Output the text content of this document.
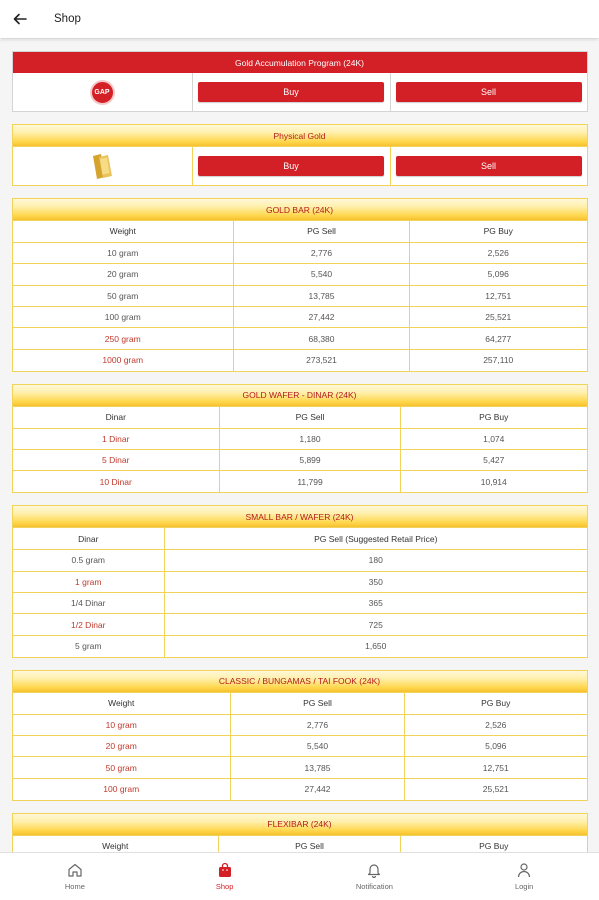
Shop
Gold Accumulation Program (24K)
GAP	Buy	Sell
Physical Gold
Buy	Sell
GOLD BAR (24K)
Weight	PG Sell	PG Buy
10 gram	2,776	2,526
20 gram	5,540	5,096
50 gram	13,785	12,751
100 gram	27,442	25,521
250 gram	68,380	64,277
1000 gram	273,521	257,110
GOLD WAFER - DINAR (24K)
Dinar	PG Sell	PG Buy
1 Dinar	1,180	1,074
5 Dinar	5,899	5,427
10 Dinar	11,799	10,914
SMALL BAR / WAFER (24K)
Dinar	PG Sell (Suggested Retail Price)
0.5 gram	180
1 gram	350
1/4 Dinar	365
1/2 Dinar	725
5 gram	1,650
CLASSIC / BUNGAMAS / TAI FOOK (24K)
Weight	PG Sell	PG Buy
10 gram	2,776	2,526
20 gram	5,540	5,096
50 gram	13,785	12,751
100 gram	27,442	25,521
FLEXIBAR (24K)
Weight	PG Sell	PG Buy

Home	Shop	Notification	Login
